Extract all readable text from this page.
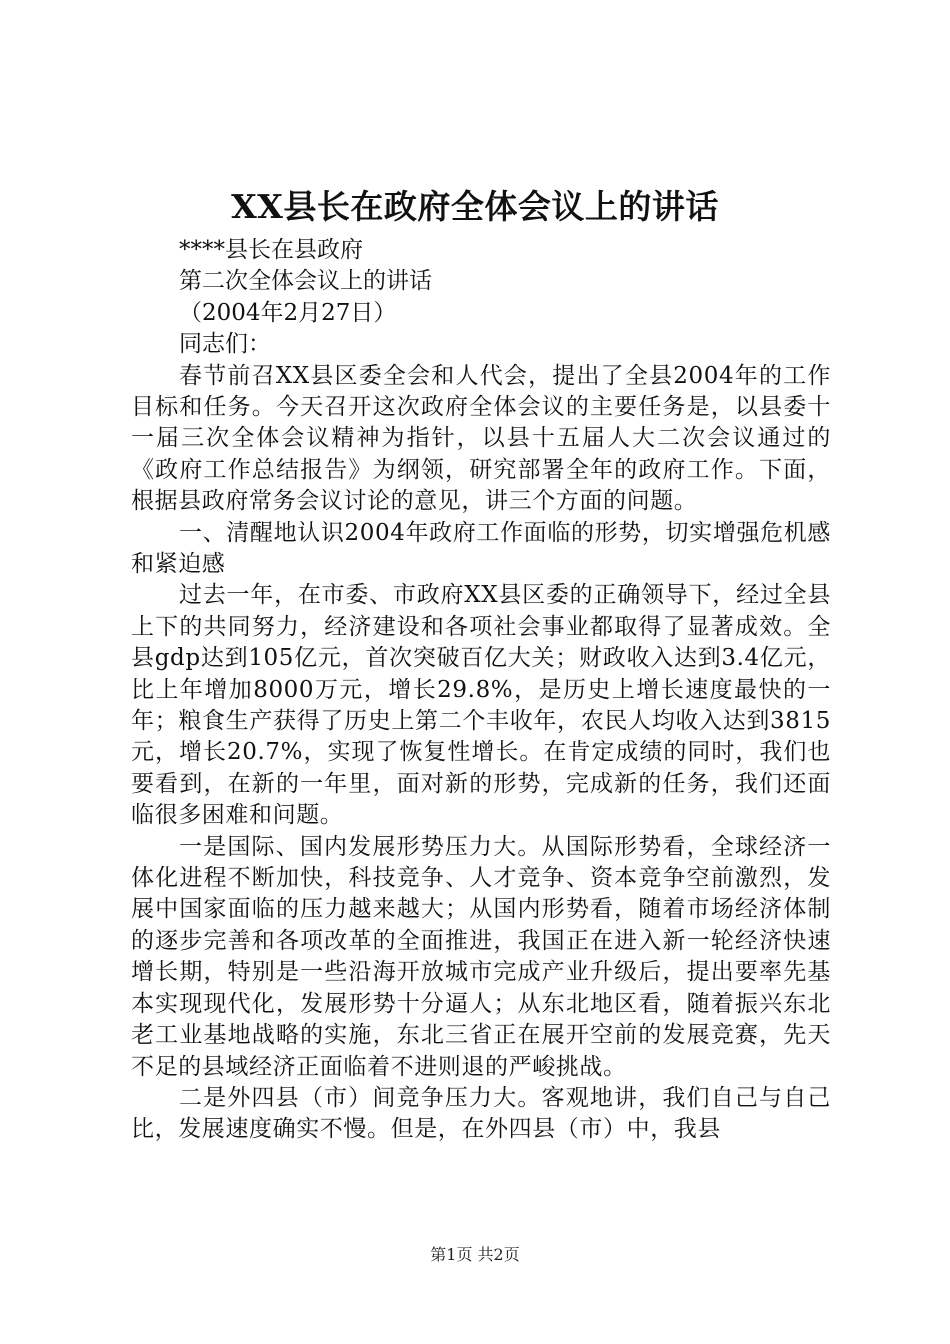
XX县长在政府全体会议上的讲话
****县长在县政府
第二次全体会议上的讲话
（2004年2月27日）
同志们：
春节前召XX县区委全会和人代会，提出了全县2004年的工作目标和任务。今天召开这次政府全体会议的主要任务是，以县委十一届三次全体会议精神为指针，以县十五届人大二次会议通过的《政府工作总结报告》为纲领，研究部署全年的政府工作。下面，根据县政府常务会议讨论的意见，讲三个方面的问题。
一、清醒地认识2004年政府工作面临的形势，切实增强危机感和紧迫感
过去一年，在市委、市政府XX县区委的正确领导下，经过全县上下的共同努力，经济建设和各项社会事业都取得了显著成效。全县gdp达到105亿元，首次突破百亿大关；财政收入达到3.4亿元，比上年增加8000万元，增长29.8%，是历史上增长速度最快的一年；粮食生产获得了历史上第二个丰收年，农民人均收入达到3815元，增长20.7%，实现了恢复性增长。在肯定成绩的同时，我们也要看到，在新的一年里，面对新的形势，完成新的任务，我们还面临很多困难和问题。
一是国际、国内发展形势压力大。从国际形势看，全球经济一体化进程不断加快，科技竞争、人才竞争、资本竞争空前激烈，发展中国家面临的压力越来越大；从国内形势看，随着市场经济体制的逐步完善和各项改革的全面推进，我国正在进入新一轮经济快速增长期，特别是一些沿海开放城市完成产业升级后，提出要率先基本实现现代化，发展形势十分逼人；从东北地区看，随着振兴东北老工业基地战略的实施，东北三省正在展开空前的发展竞赛，先天不足的县域经济正面临着不进则退的严峻挑战。
二是外四县（市）间竞争压力大。客观地讲，我们自己与自己比，发展速度确实不慢。但是，在外四县（市）中，我县
第1页 共2页
